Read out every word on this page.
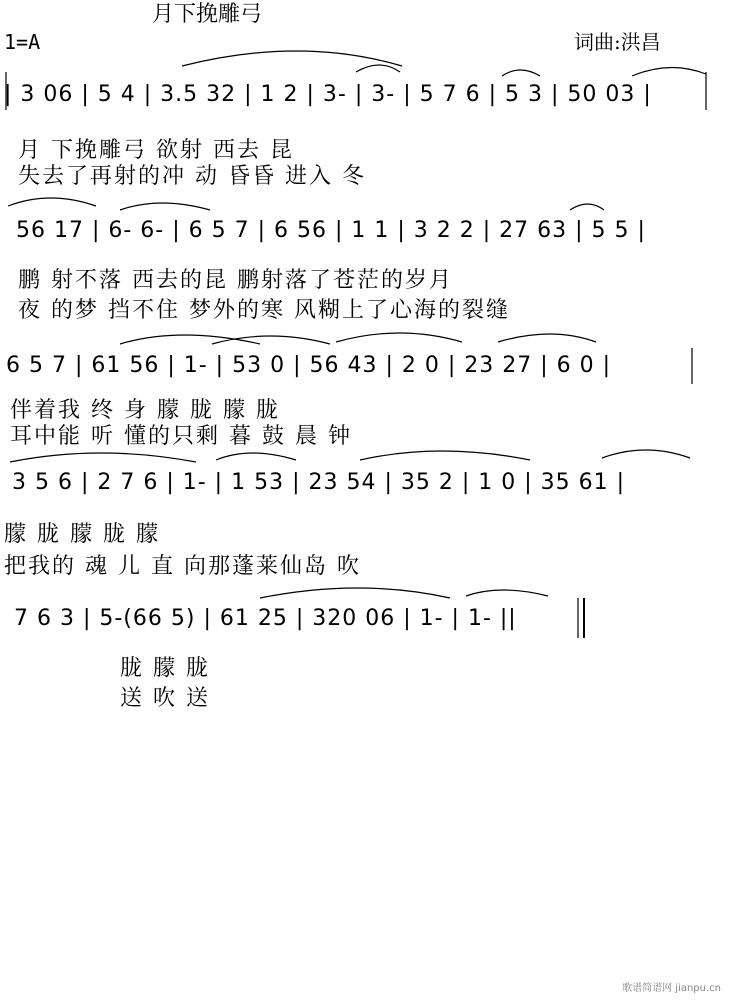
月下挽雕弓
1=A	词曲:洪昌
| 3 06 | 5 4 | 3.5 32 | 1 2 | 3- | 3- | 5 7 6 | 5 3 | 50 03 |
月 下挽雕弓 欲射 西去 昆
失去了再射的冲 动 昏昏 进入 冬
56 17 | 6- 6- | 6 5 7 | 6 56 | 1 1 | 3 2 2 | 27 63 | 5 5 |
鹏 射不落 西去的昆 鹏射落了苍茫的岁月
夜 的梦 挡不住 梦外的寒 风糊上了心海的裂缝
6 5 7 | 61 56 | 1- | 53 0 | 56 43 | 2 0 | 23 27 | 6 0 |
伴着我 终 身 朦 胧 朦 胧
耳中能 听 懂的只剩 暮 鼓 晨 钟
3 5 6 | 2 7 6 | 1- | 1 53 | 23 54 | 35 2 | 1 0 | 35 61 |
朦 胧 朦 胧 朦
把我的 魂 儿 直 向那蓬莱仙岛 吹
7 6 3 | 5-(66 5) | 61 25 | 320 06 | 1- | 1- ||
胧 朦 胧
送 吹 送
歌谱简谱网 jianpu.cn
